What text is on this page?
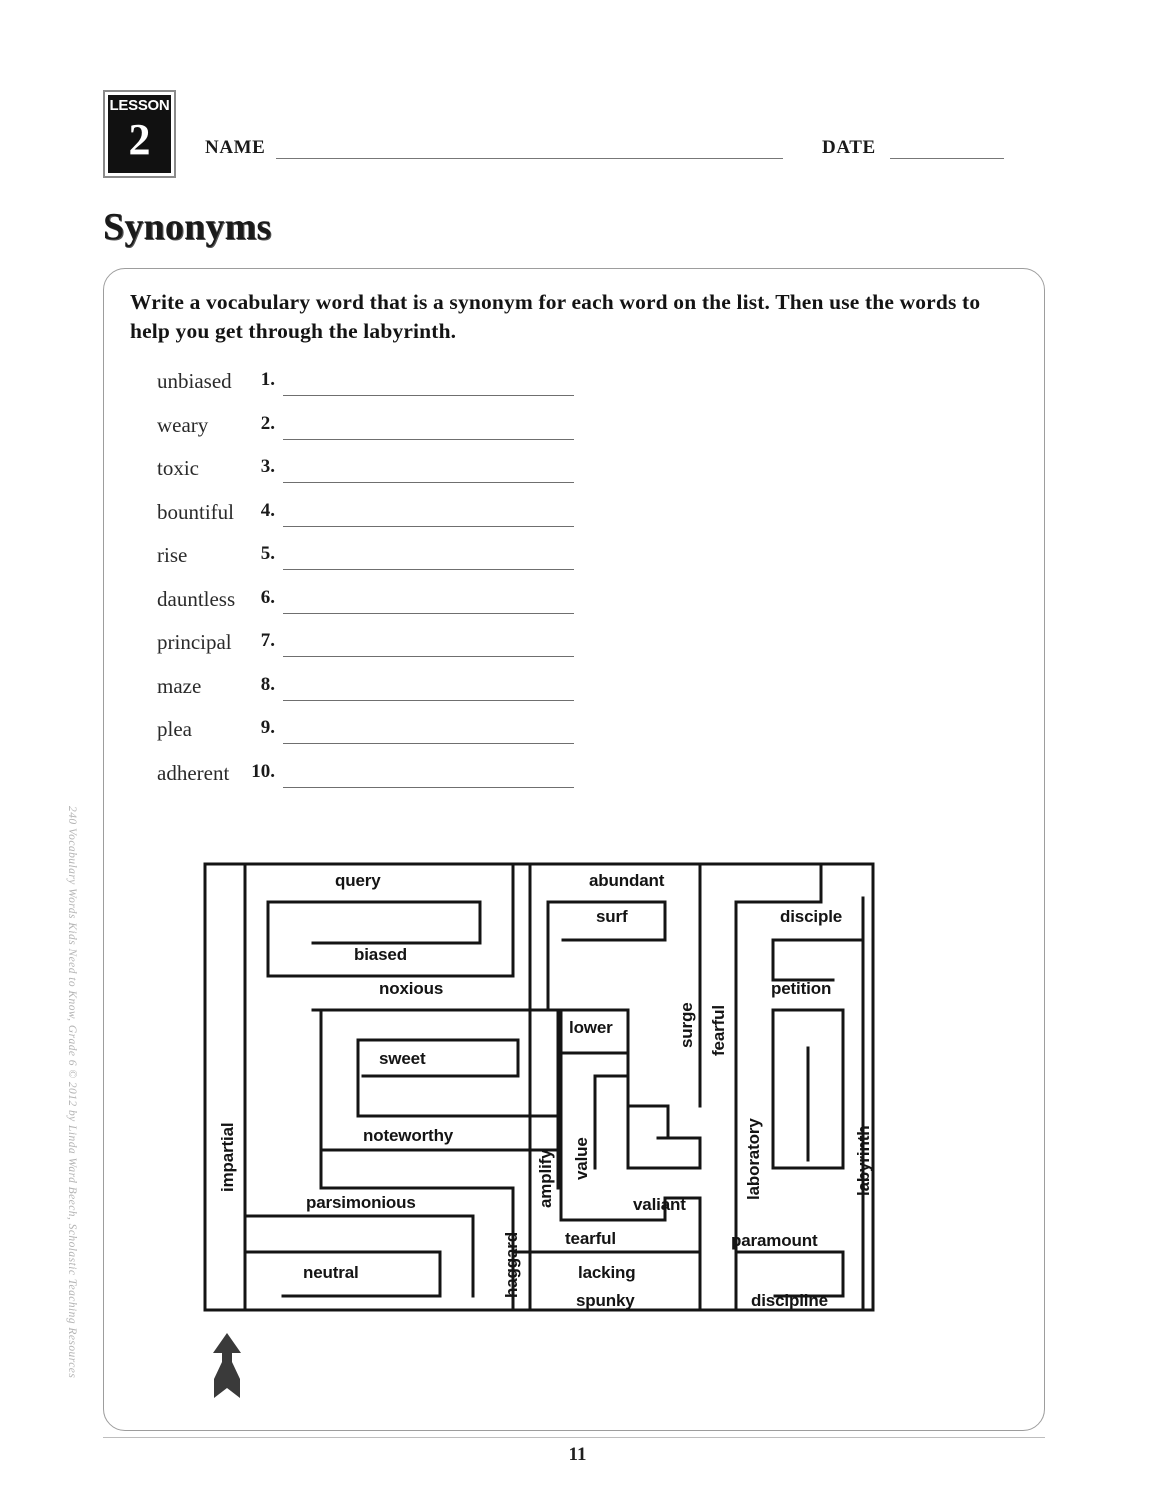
LESSON
2	NAME	DATE
Synonyms
Write a vocabulary word that is a synonym for each word on the list. Then use the words to help you get through the labyrinth.
1.
unbiased
2.
weary
3.
toxic
4.
bountiful
5.
rise
6.
dauntless
7.
principal
8.
maze
9.
plea
10.
adherent
query	abundant
surf	disciple
biased
noxious	petition
lower
sweet
noteworthy
parsimonious	valiant
tearful	paramount
neutral	lacking
spunky	discipline
impartial	amplify value
surge fearful
laboratory	labyrinth
haggard
240 Vocabulary Words Kids Need to Know, Grade 6 © 2012 by Linda Ward Beech, Scholastic Teaching Resources
11
